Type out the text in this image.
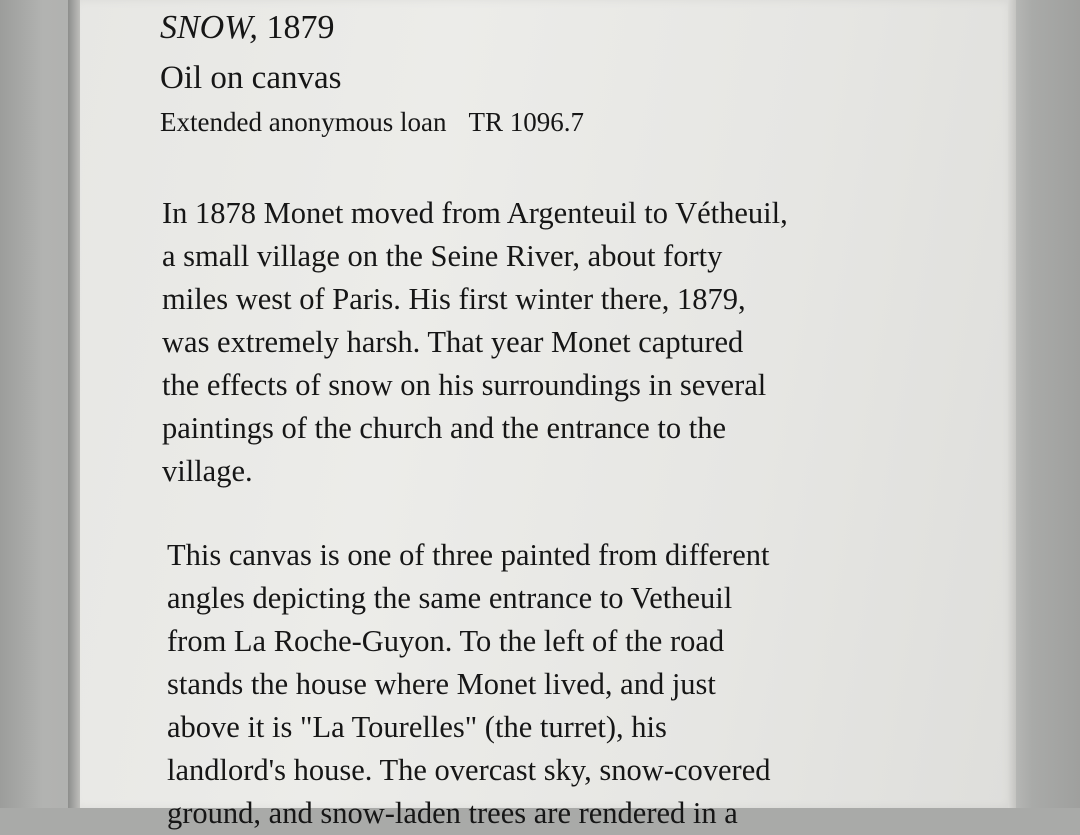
SNOW, 1879
Oil on canvas
Extended anonymous loan TR 1096.7
In 1878 Monet moved from Argenteuil to Vétheuil,
a small village on the Seine River, about forty
miles west of Paris. His first winter there, 1879,
was extremely harsh. That year Monet captured
the effects of snow on his surroundings in several
paintings of the church and the entrance to the
village.
This canvas is one of three painted from different
angles depicting the same entrance to Vetheuil
from La Roche-Guyon. To the left of the road
stands the house where Monet lived, and just
above it is "La Tourelles" (the turret), his
landlord's house. The overcast sky, snow-covered
ground, and snow-laden trees are rendered in a
